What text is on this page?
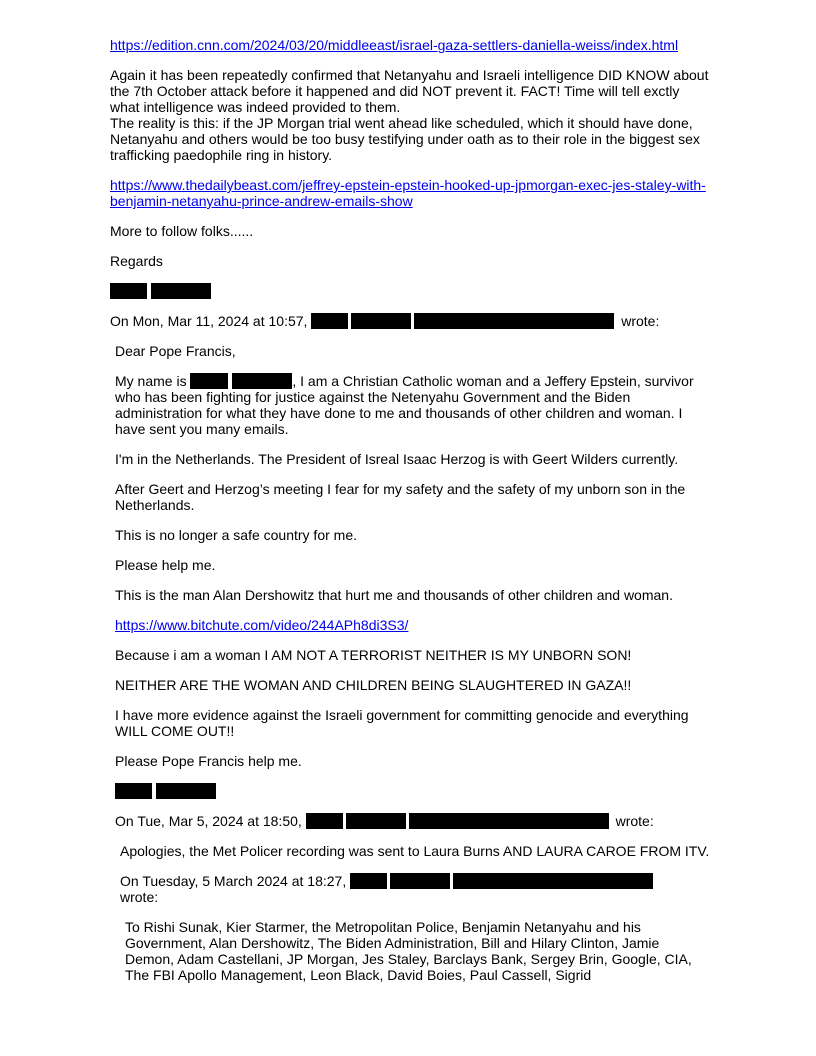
https://edition.cnn.com/2024/03/20/middleeast/israel-gaza-settlers-daniella-weiss/index.html

Again it has been repeatedly confirmed that Netanyahu and Israeli intelligence DID KNOW about the 7th October attack before it happened and did NOT prevent it. FACT! Time will tell exctly what intelligence was indeed provided to them.
The reality is this: if the JP Morgan trial went ahead like scheduled, which it should have done, Netanyahu and others would be too busy testifying under oath as to their role in the biggest sex trafficking paedophile ring in history.

https://www.thedailybeast.com/jeffrey-epstein-epstein-hooked-up-jpmorgan-exec-jes-staley-with-benjamin-netanyahu-prince-andrew-emails-show

More to follow folks......

Regards

On Mon, Mar 11, 2024 at 10:57,	wrote:

Dear Pope Francis,

My name is	, I am a Christian Catholic woman and a Jeffery Epstein, survivor who has been fighting for justice against the Netenyahu Government and the Biden administration for what they have done to me and thousands of other children and woman. I have sent you many emails.

I'm in the Netherlands. The President of Isreal Isaac Herzog is with Geert Wilders currently.

After Geert and Herzog’s meeting I fear for my safety and the safety of my unborn son in the Netherlands.

This is no longer a safe country for me.

Please help me.

This is the man Alan Dershowitz that hurt me and thousands of other children and woman.

https://www.bitchute.com/video/244APh8di3S3/

Because i am a woman I AM NOT A TERRORIST NEITHER IS MY UNBORN SON!

NEITHER ARE THE WOMAN AND CHILDREN BEING SLAUGHTERED IN GAZA!!

I have more evidence against the Israeli government for committing genocide and everything WILL COME OUT!!

Please Pope Francis help me.

On Tue, Mar 5, 2024 at 18:50,	wrote:

Apologies, the Met Policer recording was sent to Laura Burns AND LAURA CAROE FROM ITV.

On Tuesday, 5 March 2024 at 18:27,
wrote:

To Rishi Sunak, Kier Starmer, the Metropolitan Police, Benjamin Netanyahu and his Government, Alan Dershowitz, The Biden Administration, Bill and Hilary Clinton, Jamie Demon, Adam Castellani, JP Morgan, Jes Staley, Barclays Bank, Sergey Brin, Google, CIA, The FBI Apollo Management, Leon Black, David Boies, Paul Cassell, Sigrid
